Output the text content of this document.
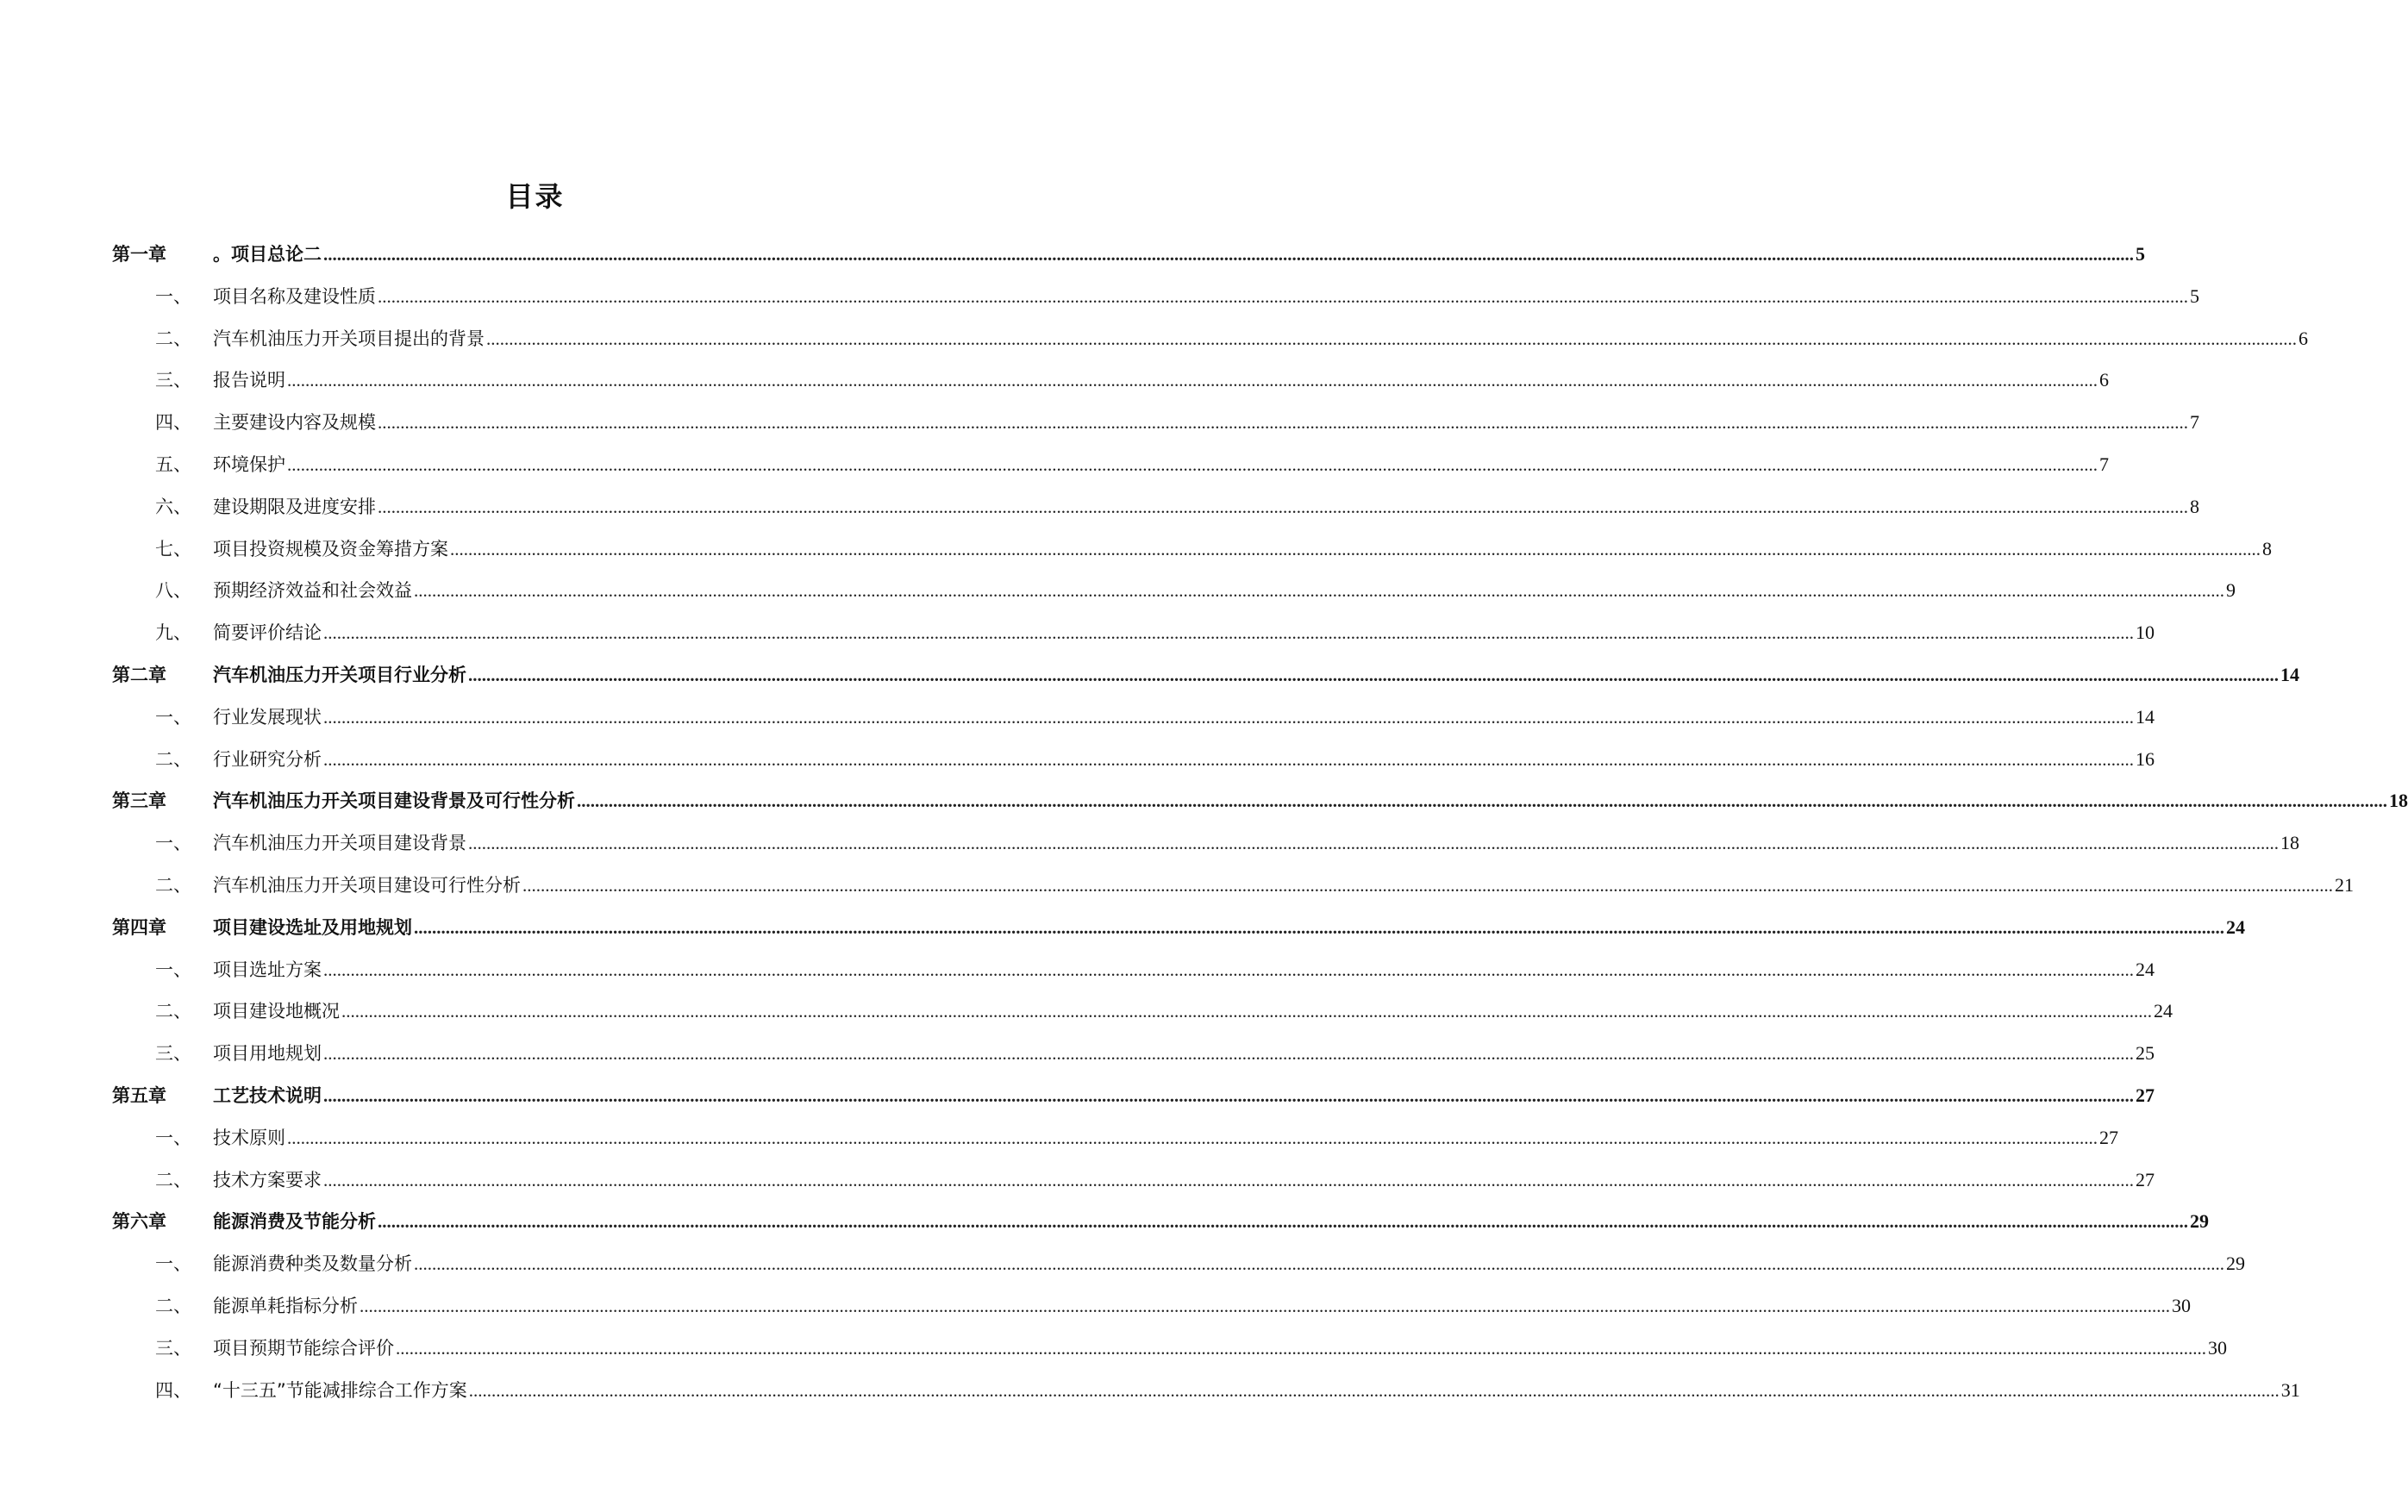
目录
第一章	。项目总论二 ................................................................................................................................................................................................................................................................................................................................................................................................................ 5
一、	项目名称及建设性质 ................................................................................................................................................................................................................................................................................................................................................................................................................ 5
二、	汽车机油压力开关项目提出的背景 ................................................................................................................................................................................................................................................................................................................................................................................................................ 6
三、	报告说明 ................................................................................................................................................................................................................................................................................................................................................................................................................ 6
四、	主要建设内容及规模 ................................................................................................................................................................................................................................................................................................................................................................................................................ 7
五、	环境保护 ................................................................................................................................................................................................................................................................................................................................................................................................................ 7
六、	建设期限及进度安排 ................................................................................................................................................................................................................................................................................................................................................................................................................ 8
七、	项目投资规模及资金筹措方案 ................................................................................................................................................................................................................................................................................................................................................................................................................ 8
八、	预期经济效益和社会效益 ................................................................................................................................................................................................................................................................................................................................................................................................................ 9
九、	简要评价结论 ................................................................................................................................................................................................................................................................................................................................................................................................................ 10
第二章	汽车机油压力开关项目行业分析 ................................................................................................................................................................................................................................................................................................................................................................................................................ 14
一、	行业发展现状 ................................................................................................................................................................................................................................................................................................................................................................................................................ 14
二、	行业研究分析 ................................................................................................................................................................................................................................................................................................................................................................................................................ 16
第三章	汽车机油压力开关项目建设背景及可行性分析 ................................................................................................................................................................................................................................................................................................................................................................................................................ 18
一、	汽车机油压力开关项目建设背景 ................................................................................................................................................................................................................................................................................................................................................................................................................ 18
二、	汽车机油压力开关项目建设可行性分析 ................................................................................................................................................................................................................................................................................................................................................................................................................ 21
第四章	项目建设选址及用地规划 ................................................................................................................................................................................................................................................................................................................................................................................................................ 24
一、	项目选址方案 ................................................................................................................................................................................................................................................................................................................................................................................................................ 24
二、	项目建设地概况 ................................................................................................................................................................................................................................................................................................................................................................................................................ 24
三、	项目用地规划 ................................................................................................................................................................................................................................................................................................................................................................................................................ 25
第五章	工艺技术说明 ................................................................................................................................................................................................................................................................................................................................................................................................................ 27
一、	技术原则 ................................................................................................................................................................................................................................................................................................................................................................................................................ 27
二、	技术方案要求 ................................................................................................................................................................................................................................................................................................................................................................................................................ 27
第六章	能源消费及节能分析 ................................................................................................................................................................................................................................................................................................................................................................................................................ 29
一、	能源消费种类及数量分析 ................................................................................................................................................................................................................................................................................................................................................................................................................ 29
二、	能源单耗指标分析 ................................................................................................................................................................................................................................................................................................................................................................................................................ 30
三、	项目预期节能综合评价 ................................................................................................................................................................................................................................................................................................................................................................................................................ 30
四、	“十三五”节能减排综合工作方案 ................................................................................................................................................................................................................................................................................................................................................................................................................ 31
